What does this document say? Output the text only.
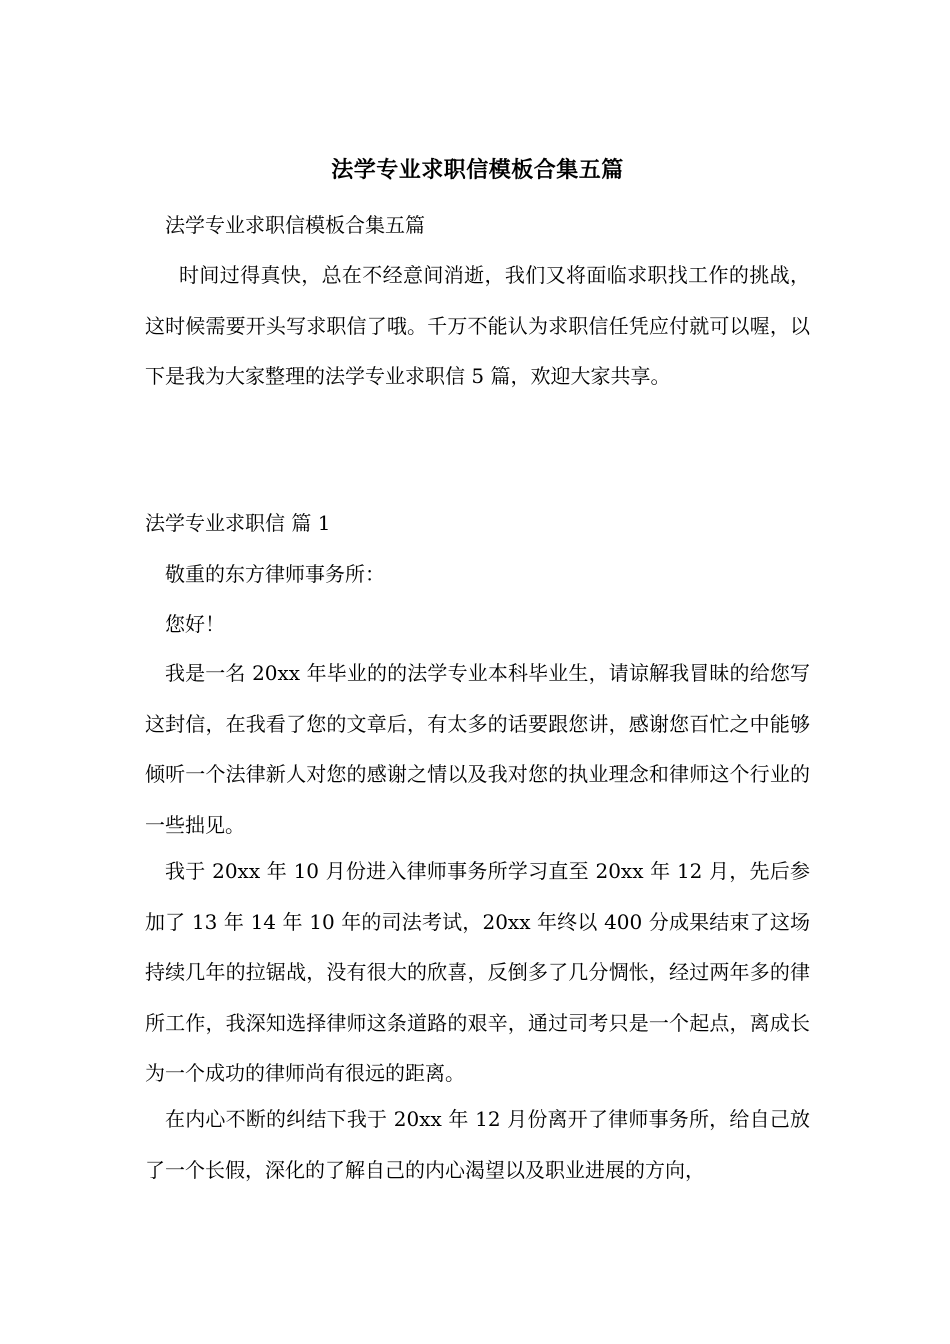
法学专业求职信模板合集五篇

法学专业求职信模板合集五篇

时间过得真快，总在不经意间消逝，我们又将面临求职找工作的挑战，这时候需要开头写求职信了哦。千万不能认为求职信任凭应付就可以喔，以下是我为大家整理的法学专业求职信 5 篇，欢迎大家共享。

法学专业求职信 篇 1

敬重的东方律师事务所：

您好！

我是一名 20xx 年毕业的的法学专业本科毕业生，请谅解我冒昧的给您写这封信，在我看了您的文章后，有太多的话要跟您讲，感谢您百忙之中能够倾听一个法律新人对您的感谢之情以及我对您的执业理念和律师这个行业的一些拙见。

我于 20xx 年 10 月份进入律师事务所学习直至 20xx 年 12 月，先后参加了 13 年 14 年 10 年的司法考试，20xx 年终以 400 分成果结束了这场持续几年的拉锯战，没有很大的欣喜，反倒多了几分惆怅，经过两年多的律所工作，我深知选择律师这条道路的艰辛，通过司考只是一个起点，离成长为一个成功的律师尚有很远的距离。

在内心不断的纠结下我于 20xx 年 12 月份离开了律师事务所，给自己放了一个长假，深化的了解自己的内心渴望以及职业进展的方向，
